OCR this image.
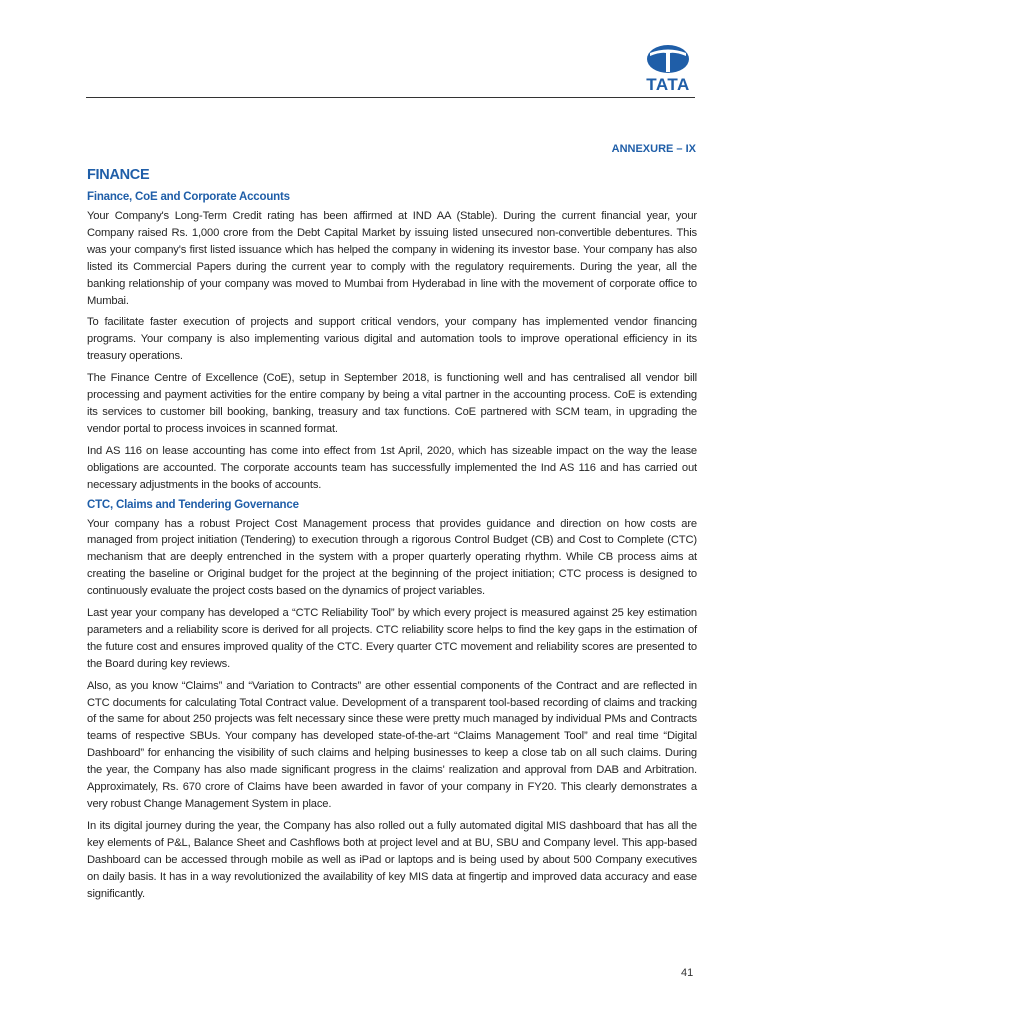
TATA
ANNEXURE – IX
FINANCE
Finance, CoE and Corporate Accounts

Your Company's Long-Term Credit rating has been affirmed at IND AA (Stable). During the current financial year, your Company raised Rs. 1,000 crore from the Debt Capital Market by issuing listed unsecured non-convertible debentures. This was your company's first listed issuance which has helped the company in widening its investor base. Your company has also listed its Commercial Papers during the current year to comply with the regulatory requirements. During the year, all the banking relationship of your company was moved to Mumbai from Hyderabad in line with the movement of corporate office to Mumbai.

To facilitate faster execution of projects and support critical vendors, your company has implemented vendor financing programs. Your company is also implementing various digital and automation tools to improve operational efficiency in its treasury operations.

The Finance Centre of Excellence (CoE), setup in September 2018, is functioning well and has centralised all vendor bill processing and payment activities for the entire company by being a vital partner in the accounting process. CoE is extending its services to customer bill booking, banking, treasury and tax functions. CoE partnered with SCM team, in upgrading the vendor portal to process invoices in scanned format.

Ind AS 116 on lease accounting has come into effect from 1st April, 2020, which has sizeable impact on the way the lease obligations are accounted. The corporate accounts team has successfully implemented the Ind AS 116 and has carried out necessary adjustments in the books of accounts.

CTC, Claims and Tendering Governance

Your company has a robust Project Cost Management process that provides guidance and direction on how costs are managed from project initiation (Tendering) to execution through a rigorous Control Budget (CB) and Cost to Complete (CTC) mechanism that are deeply entrenched in the system with a proper quarterly operating rhythm. While CB process aims at creating the baseline or Original budget for the project at the beginning of the project initiation; CTC process is designed to continuously evaluate the project costs based on the dynamics of project variables.

Last year your company has developed a “CTC Reliability Tool” by which every project is measured against 25 key estimation parameters and a reliability score is derived for all projects. CTC reliability score helps to find the key gaps in the estimation of the future cost and ensures improved quality of the CTC. Every quarter CTC movement and reliability scores are presented to the Board during key reviews.

Also, as you know “Claims” and “Variation to Contracts” are other essential components of the Contract and are reflected in CTC documents for calculating Total Contract value. Development of a transparent tool-based recording of claims and tracking of the same for about 250 projects was felt necessary since these were pretty much managed by individual PMs and Contracts teams of respective SBUs. Your company has developed state-of-the-art “Claims Management Tool” and real time “Digital Dashboard” for enhancing the visibility of such claims and helping businesses to keep a close tab on all such claims. During the year, the Company has also made significant progress in the claims' realization and approval from DAB and Arbitration. Approximately, Rs. 670 crore of Claims have been awarded in favor of your company in FY20. This clearly demonstrates a very robust Change Management System in place.

In its digital journey during the year, the Company has also rolled out a fully automated digital MIS dashboard that has all the key elements of P&L, Balance Sheet and Cashflows both at project level and at BU, SBU and Company level. This app-based Dashboard can be accessed through mobile as well as iPad or laptops and is being used by about 500 Company executives on daily basis. It has in a way revolutionized the availability of key MIS data at fingertip and improved data accuracy and ease significantly.

41
